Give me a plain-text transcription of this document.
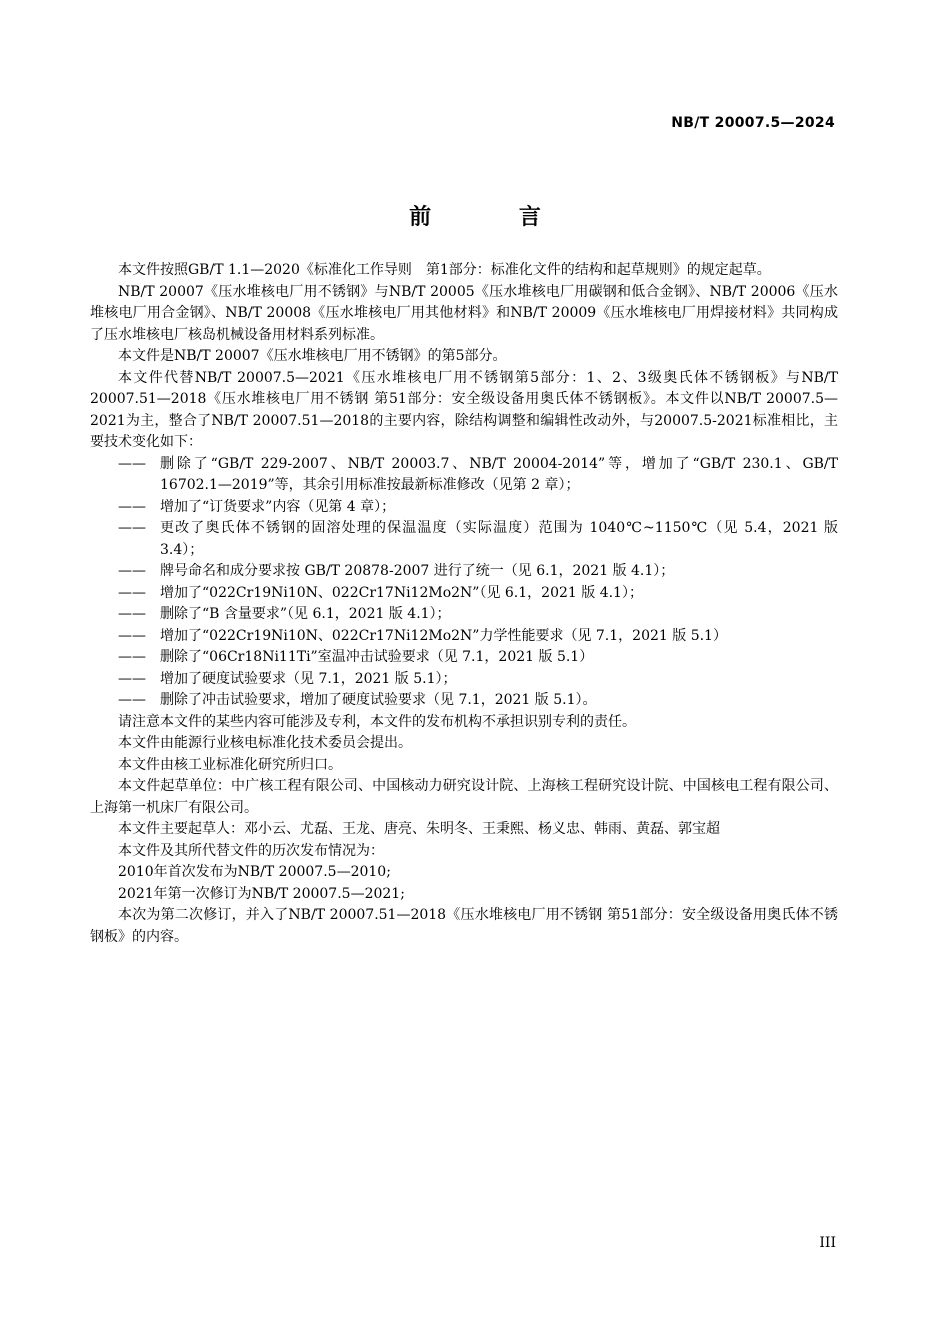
NB/T 20007.5—2024
前 言

本文件按照GB/T 1.1—2020《标准化工作导则　第1部分：标准化文件的结构和起草规则》的规定起草。

NB/T 20007《压水堆核电厂用不锈钢》与NB/T 20005《压水堆核电厂用碳钢和低合金钢》、NB/T 20006《压水堆核电厂用合金钢》、NB/T 20008《压水堆核电厂用其他材料》和NB/T 20009《压水堆核电厂用焊接材料》共同构成了压水堆核电厂核岛机械设备用材料系列标准。

本文件是NB/T 20007《压水堆核电厂用不锈钢》的第5部分。

本文件代替NB/T 20007.5—2021《压水堆核电厂用不锈钢第5部分：1、2、3级奥氏体不锈钢板》与NB/T 20007.51—2018《压水堆核电厂用不锈钢 第51部分：安全级设备用奥氏体不锈钢板》。本文件以NB/T 20007.5—2021为主，整合了NB/T 20007.51—2018的主要内容，除结构调整和编辑性改动外，与20007.5-2021标准相比，主要技术变化如下：

——	删除了“GB/T 229-2007、NB/T 20003.7、NB/T 20004-2014”等，增加了“GB/T 230.1、GB/T 16702.1—2019”等，其余引用标准按最新标准修改（见第 2 章）；
——	增加了“订货要求”内容（见第 4 章）；
——	更改了奥氏体不锈钢的固溶处理的保温温度（实际温度）范围为 1040℃~1150℃（见 5.4，2021 版 3.4）；
——	牌号命名和成分要求按 GB/T 20878-2007 进行了统一（见 6.1，2021 版 4.1）；
——	增加了“022Cr19Ni10N、022Cr17Ni12Mo2N”（见 6.1，2021 版 4.1）；
——	删除了“B 含量要求”（见 6.1，2021 版 4.1）；
——	增加了“022Cr19Ni10N、022Cr17Ni12Mo2N”力学性能要求（见 7.1，2021 版 5.1）
——	删除了“06Cr18Ni11Ti”室温冲击试验要求（见 7.1，2021 版 5.1）
——	增加了硬度试验要求（见 7.1，2021 版 5.1）；
——	删除了冲击试验要求，增加了硬度试验要求（见 7.1，2021 版 5.1）。

请注意本文件的某些内容可能涉及专利，本文件的发布机构不承担识别专利的责任。

本文件由能源行业核电标准化技术委员会提出。

本文件由核工业标准化研究所归口。

本文件起草单位：中广核工程有限公司、中国核动力研究设计院、上海核工程研究设计院、中国核电工程有限公司、上海第一机床厂有限公司。

本文件主要起草人：邓小云、尤磊、王龙、唐亮、朱明冬、王秉熙、杨义忠、韩雨、黄磊、郭宝超

本文件及其所代替文件的历次发布情况为：

2010年首次发布为NB/T 20007.5—2010;

2021年第一次修订为NB/T 20007.5—2021;

本次为第二次修订，并入了NB/T 20007.51—2018《压水堆核电厂用不锈钢 第51部分：安全级设备用奥氏体不锈钢板》的内容。

III
